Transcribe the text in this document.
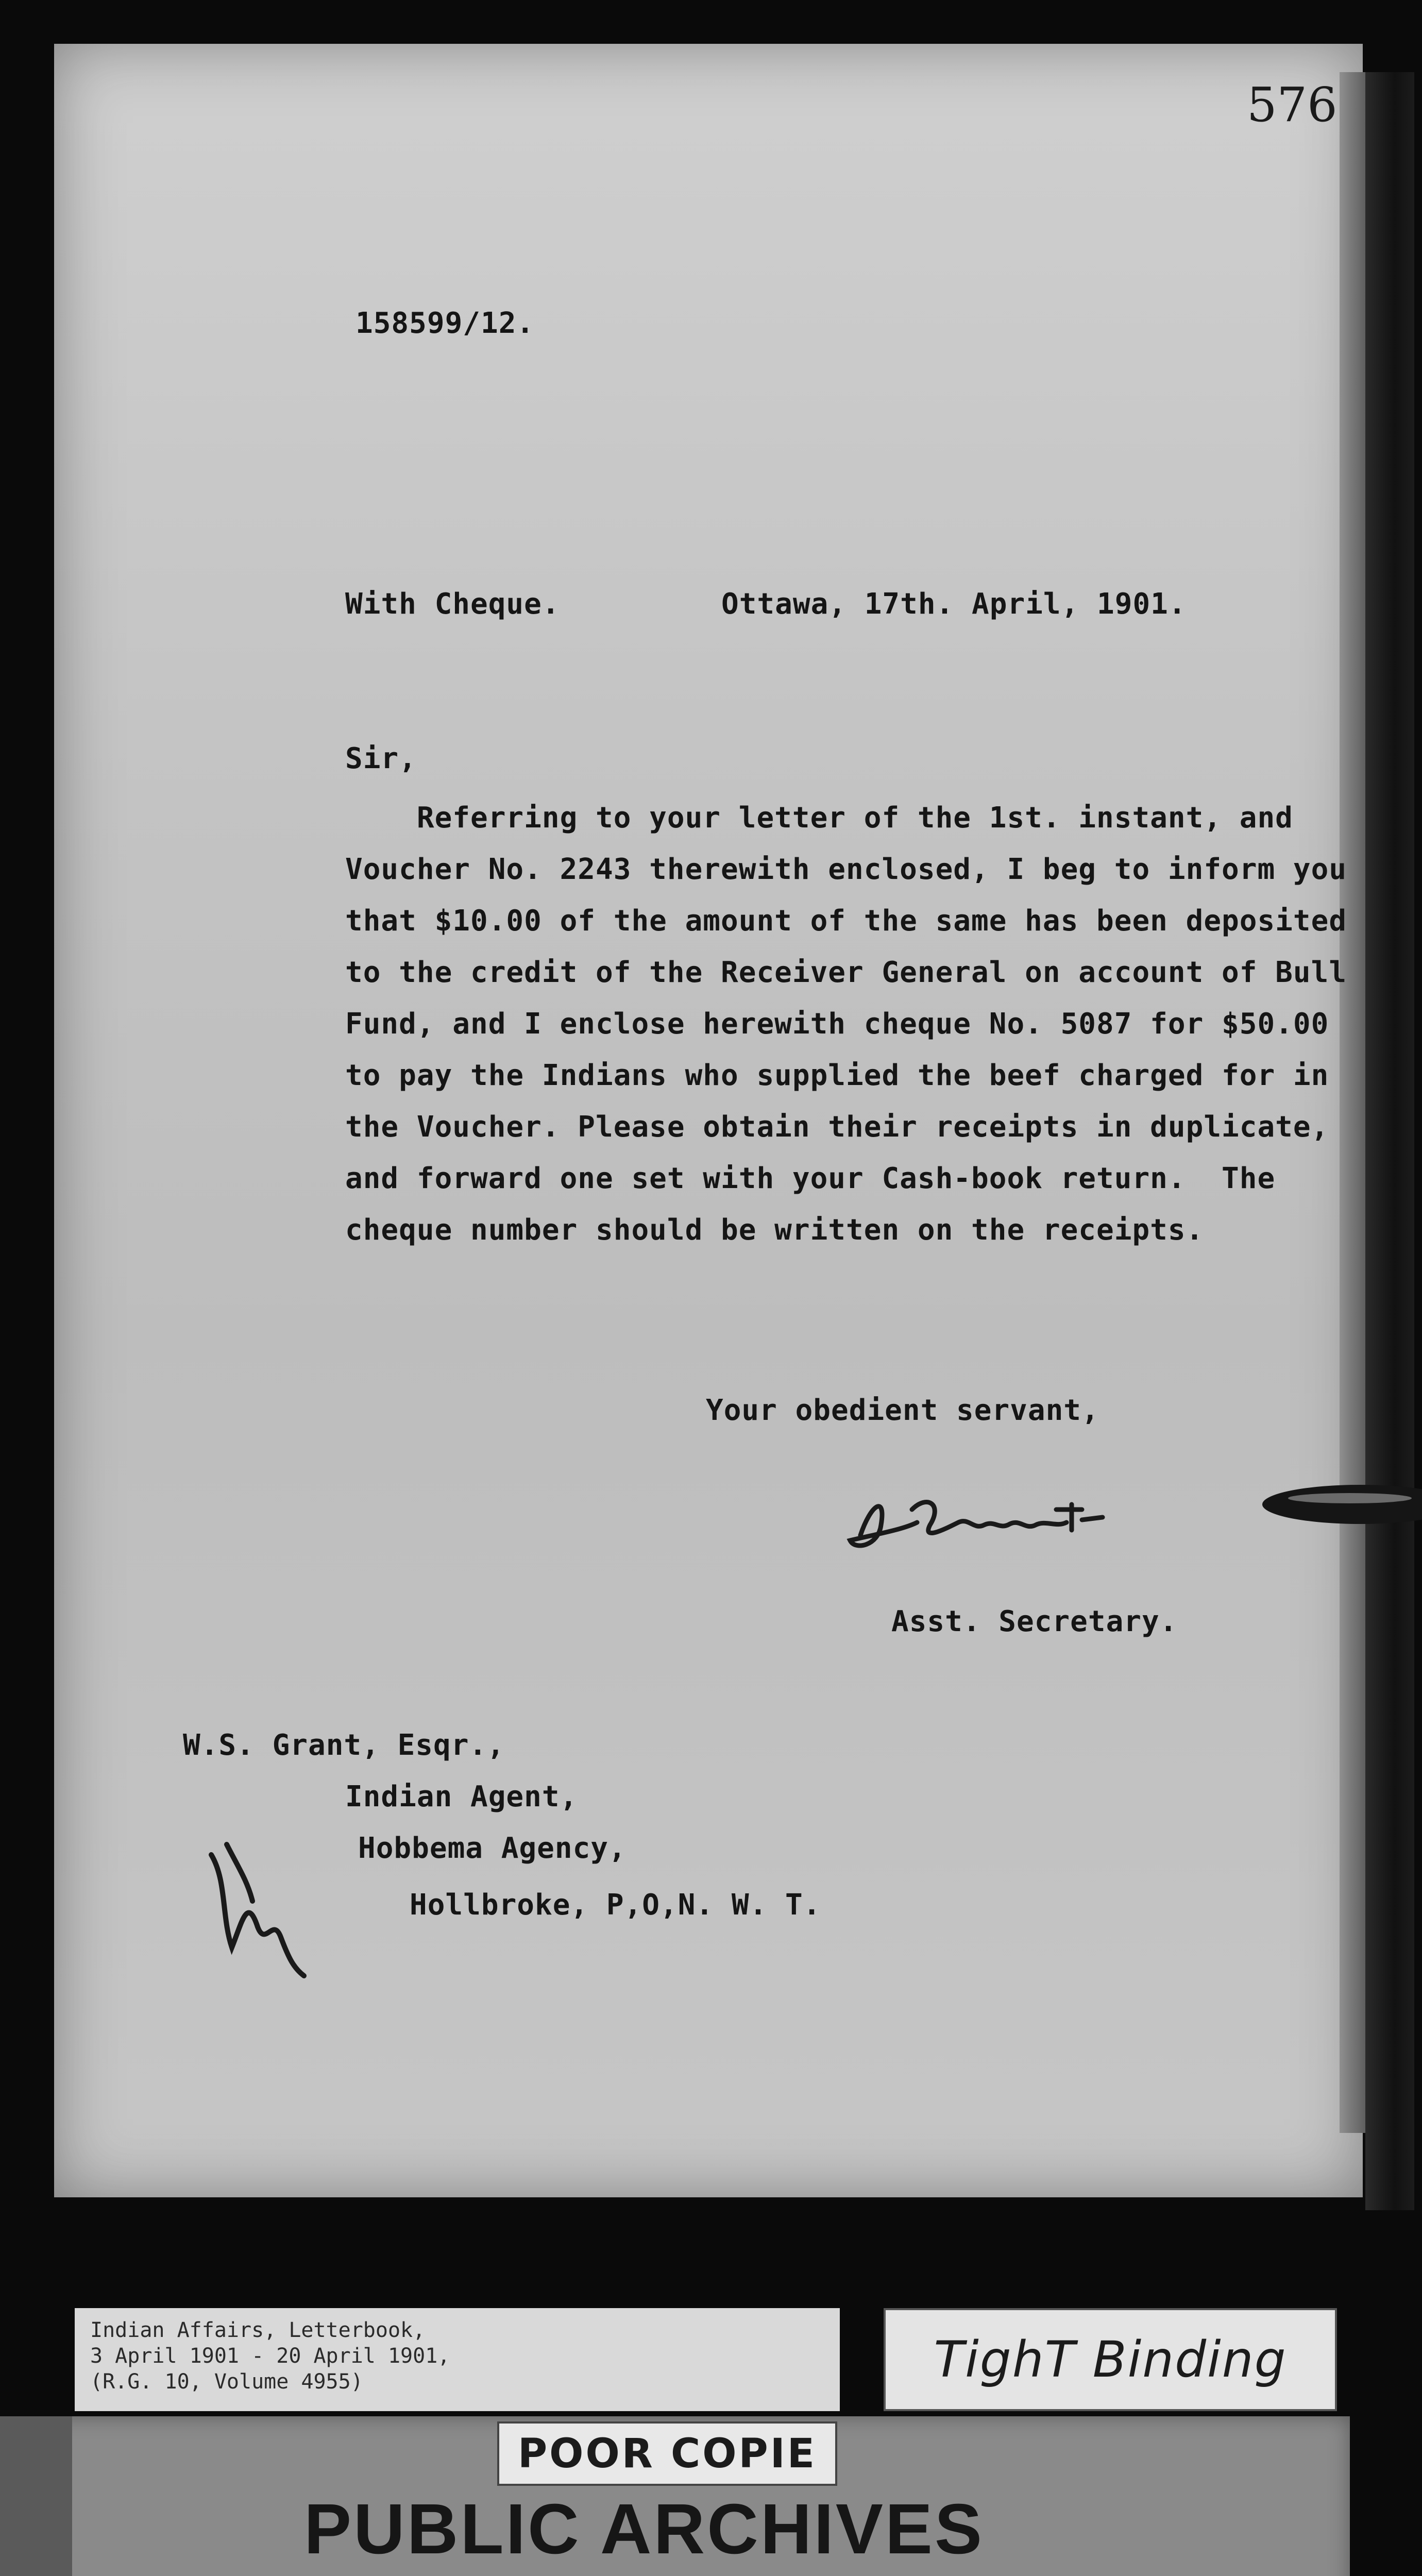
576
158599/12.
With Cheque.	Ottawa, 17th. April, 1901.
Sir,
Referring to your letter of the 1st. instant, and
Voucher No. 2243 therewith enclosed, I beg to inform you
that $10.00 of the amount of the same has been deposited
to the credit of the Receiver General on account of Bull
Fund, and I enclose herewith cheque No. 5087 for $50.00
to pay the Indians who supplied the beef charged for in
the Voucher. Please obtain their receipts in duplicate,
and forward one set with your Cash-book return.  The
cheque number should be written on the receipts.
Your obedient servant,
Asst. Secretary.
W.S. Grant, Esqr.,
Indian Agent,
Hobbema Agency,
Hollbroke, P,O,N. W. T.
Indian Affairs, Letterbook,
3 April 1901 - 20 April 1901,
(R.G. 10, Volume 4955)	TighT Binding
POOR COPIE
PUBLIC ARCHIVES
